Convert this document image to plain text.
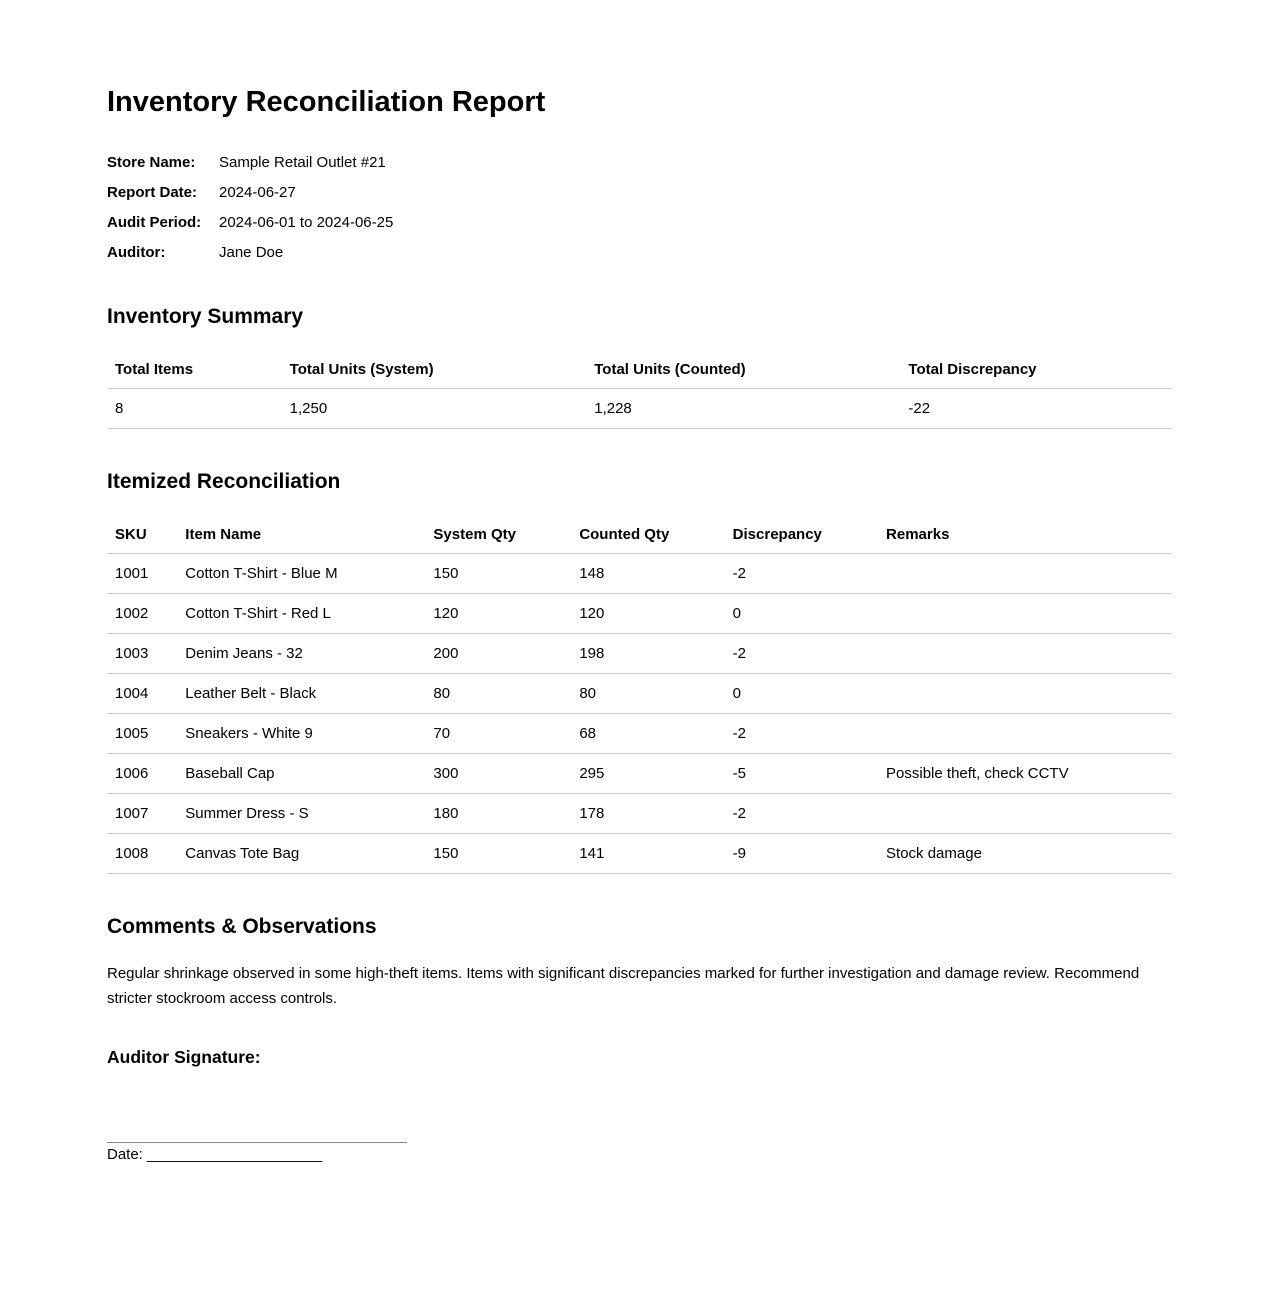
Inventory Reconciliation Report
Store Name:	Sample Retail Outlet #21
Report Date:	2024-06-27
Audit Period:	2024-06-01 to 2024-06-25
Auditor:	Jane Doe
Inventory Summary
Total Items	Total Units (System)	Total Units (Counted)	Total Discrepancy
8	1,250	1,228	-22
Itemized Reconciliation
SKU	Item Name	System Qty	Counted Qty	Discrepancy	Remarks
1001	Cotton T-Shirt - Blue M	150	148	-2	
1002	Cotton T-Shirt - Red L	120	120	0	
1003	Denim Jeans - 32	200	198	-2	
1004	Leather Belt - Black	80	80	0	
1005	Sneakers - White 9	70	68	-2	
1006	Baseball Cap	300	295	-5	Possible theft, check CCTV
1007	Summer Dress - S	180	178	-2	
1008	Canvas Tote Bag	150	141	-9	Stock damage
Comments & Observations

Regular shrinkage observed in some high-theft items. Items with significant discrepancies marked for further investigation and damage review. Recommend stricter stockroom access controls.

Auditor Signature:
Date: _____________________
